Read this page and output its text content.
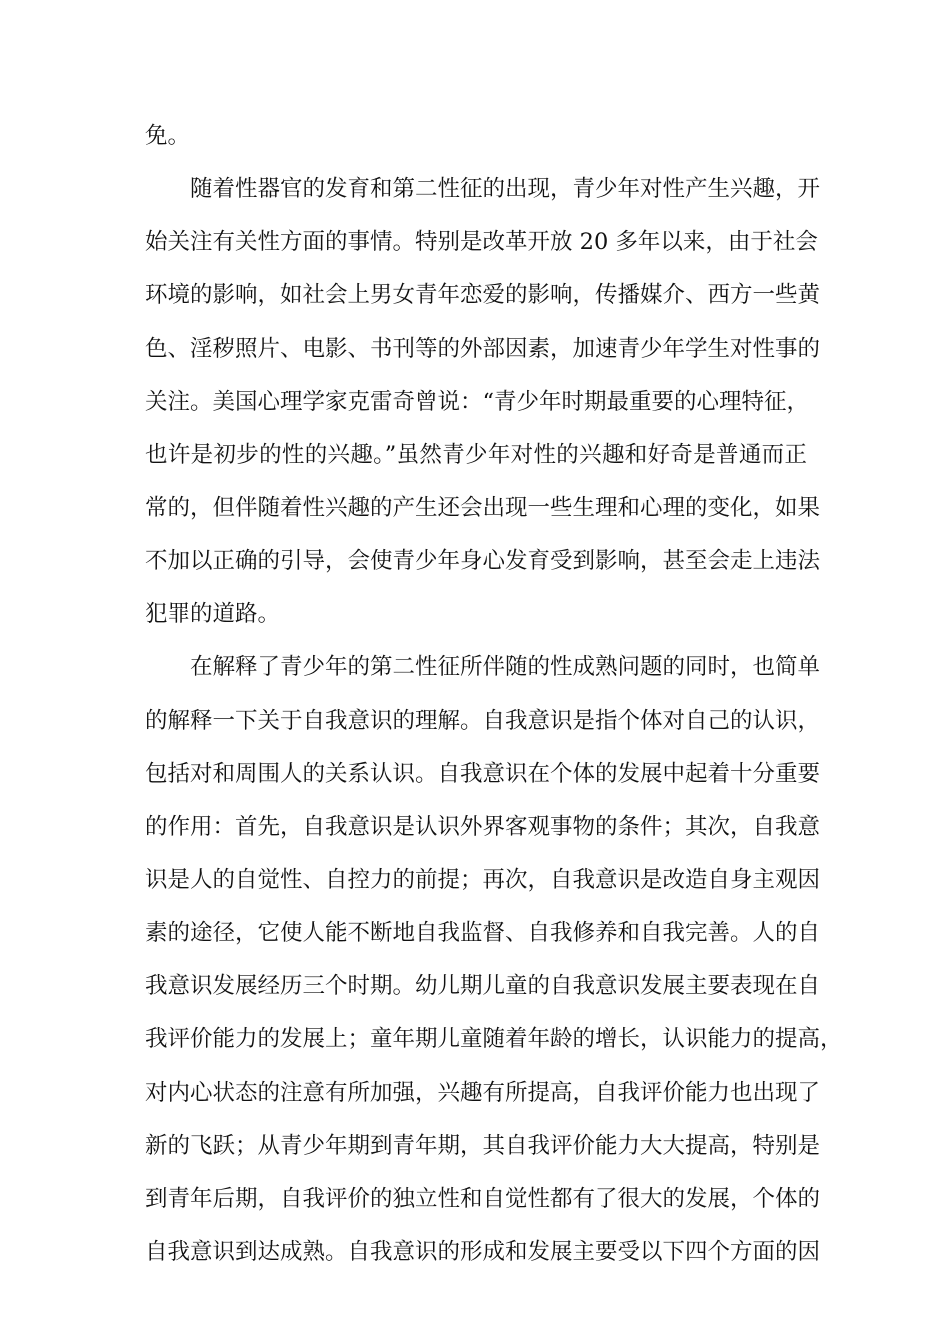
免。
随着性器官的发育和第二性征的出现，青少年对性产生兴趣，开
始关注有关性方面的事情。特别是改革开放 20 多年以来，由于社会
环境的影响，如社会上男女青年恋爱的影响，传播媒介、西方一些黄
色、淫秽照片、电影、书刊等的外部因素，加速青少年学生对性事的
关注。美国心理学家克雷奇曾说：“青少年时期最重要的心理特征，
也许是初步的性的兴趣。”虽然青少年对性的兴趣和好奇是普通而正
常的，但伴随着性兴趣的产生还会出现一些生理和心理的变化，如果
不加以正确的引导，会使青少年身心发育受到影响，甚至会走上违法
犯罪的道路。
在解释了青少年的第二性征所伴随的性成熟问题的同时，也简单
的解释一下关于自我意识的理解。自我意识是指个体对自己的认识，
包括对和周围人的关系认识。自我意识在个体的发展中起着十分重要
的作用：首先，自我意识是认识外界客观事物的条件；其次，自我意
识是人的自觉性、自控力的前提；再次，自我意识是改造自身主观因
素的途径，它使人能不断地自我监督、自我修养和自我完善。人的自
我意识发展经历三个时期。幼儿期儿童的自我意识发展主要表现在自
我评价能力的发展上；童年期儿童随着年龄的增长，认识能力的提高，
对内心状态的注意有所加强，兴趣有所提高，自我评价能力也出现了
新的飞跃；从青少年期到青年期，其自我评价能力大大提高，特别是
到青年后期，自我评价的独立性和自觉性都有了很大的发展，个体的
自我意识到达成熟。自我意识的形成和发展主要受以下四个方面的因
